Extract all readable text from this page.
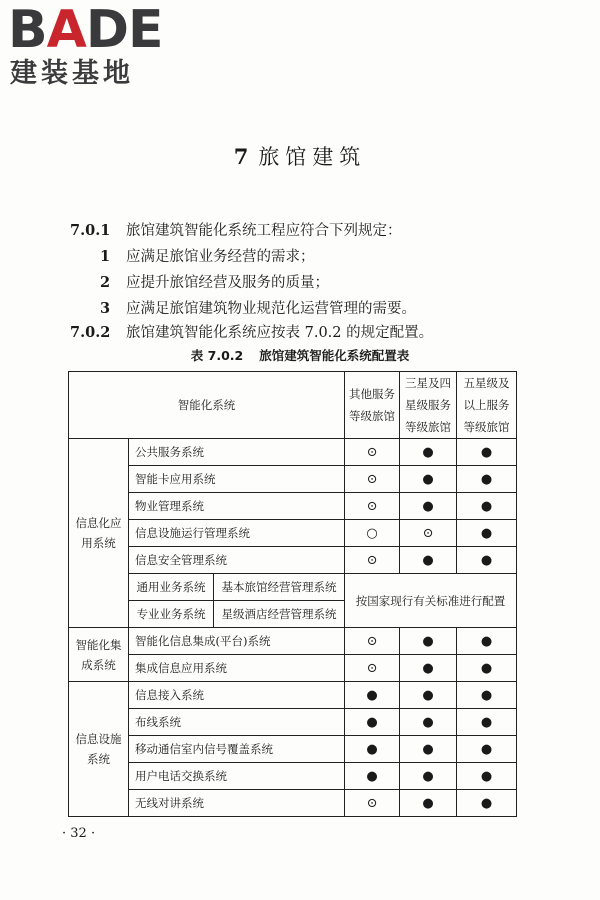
BADE
建装基地
7 旅馆建筑
7.0.1 旅馆建筑智能化系统工程应符合下列规定：
1 应满足旅馆业务经营的需求；
2 应提升旅馆经营及服务的质量；
3 应满足旅馆建筑物业规范化运营管理的需要。
7.0.2 旅馆建筑智能化系统应按表 7.0.2 的规定配置。
表 7.0.2 旅馆建筑智能化系统配置表
智能化系统			其他服务等级旅馆	三星及四星级服务等级旅馆	五星级及以上服务等级旅馆
信息化应用系统	公共服务系统		⊙	●	●
	智能卡应用系统		⊙	●	●
	物业管理系统		⊙	●	●
	信息设施运行管理系统		○	⊙	●
	信息安全管理系统		⊙	●	●
	通用业务系统	基本旅馆经营管理系统	按国家现行有关标准进行配置		
	专业业务系统	星级酒店经营管理系统			
智能化集成系统	智能化信息集成(平台)系统		⊙	●	●
	集成信息应用系统		⊙	●	●
信息设施系统	信息接入系统		●	●	●
	布线系统		●	●	●
	移动通信室内信号覆盖系统		●	●	●
	用户电话交换系统		●	●	●
	无线对讲系统		⊙	●	●
· 32 ·
